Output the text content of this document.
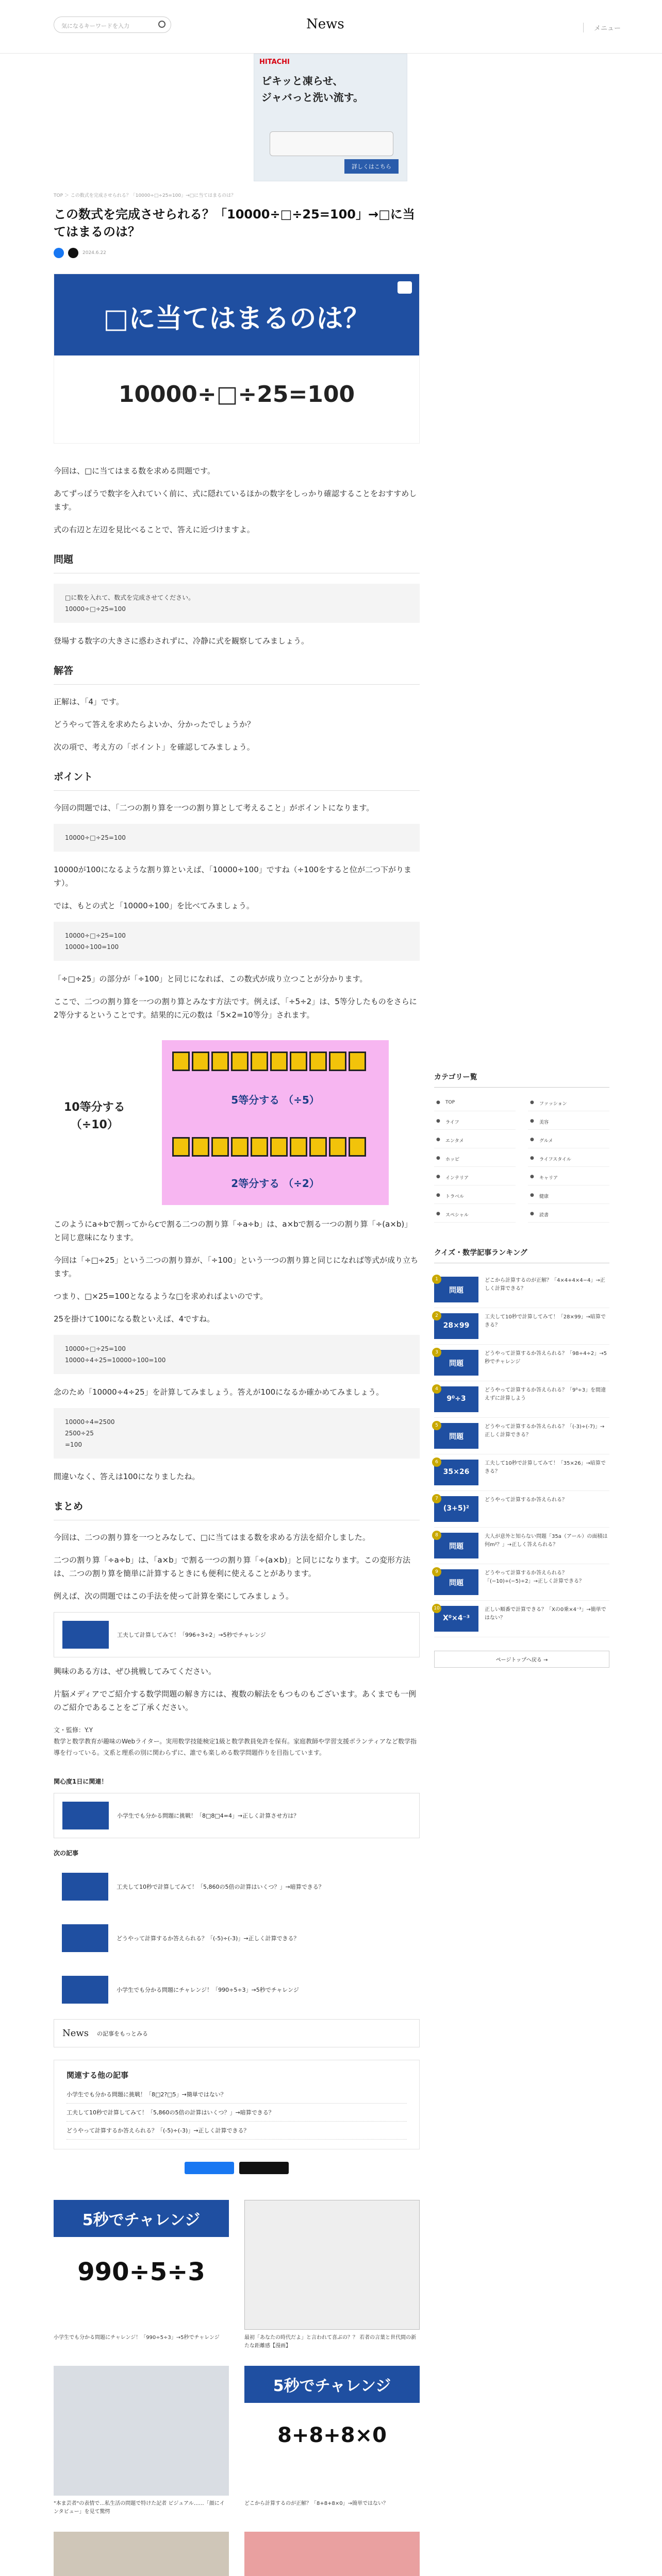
気になるキーワードを入力	News	メニュー
HITACHI
ピキッと凍らせ、
ジャバっと洗い流す。
詳しくはこちら
TOP ＞ この数式を完成させられる？「10000÷□÷25=100」→□に当てはまるのは？
この数式を完成させられる？「10000÷□÷25=100」→□に当てはまるのは？
2024.6.22
□に当てはまるのは？
10000÷□÷25=100

今回は、□に当てはまる数を求める問題です。

あてずっぽうで数字を入れていく前に、式に隠れているほかの数字をしっかり確認することをおすすめします。

式の右辺と左辺を見比べることで、答えに近づけますよ。

問題
□に数を入れて、数式を完成させてください。
10000÷□÷25=100

登場する数字の大きさに惑わされずに、冷静に式を観察してみましょう。

解答

正解は、「4」です。

どうやって答えを求めたらよいか、分かったでしょうか？

次の項で、考え方の「ポイント」を確認してみましょう。

ポイント

今回の問題では、「二つの割り算を一つの割り算として考えること」がポイントになります。

10000÷□÷25=100

10000が100になるような割り算といえば、「10000÷100」ですね（÷100をすると位が二つ下がります）。

では、もとの式と「10000÷100」を比べてみましょう。

10000÷□÷25=100
10000÷100=100

「÷□÷25」の部分が「÷100」と同じになれば、この数式が成り立つことが分かります。

ここで、二つの割り算を一つの割り算とみなす方法です。例えば、「÷5÷2」は、5等分したものをさらに2等分するということです。結果的に元の数は「5×2=10等分」されます。

10等分する
（÷10）
5等分する （÷5）
2等分する （÷2）

このようにa÷bで割ってからcで割る二つの割り算「÷a÷b」は、a×bで割る一つの割り算「÷(a×b)」と同じ意味になります。

今回は「÷□÷25」という二つの割り算が、「÷100」という一つの割り算と同じになれば等式が成り立ちます。

つまり、□×25=100となるような□を求めればよいのです。

25を掛けて100になる数といえば、4ですね。

10000÷□÷25=100
10000÷4÷25=10000÷100=100

念のため「10000÷4÷25」を計算してみましょう。答えが100になるか確かめてみましょう。

10000÷4=2500
2500÷25
=100

間違いなく、答えは100になりましたね。

まとめ

今回は、二つの割り算を一つとみなして、□に当てはまる数を求める方法を紹介しました。

二つの割り算「÷a÷b」は、「a×b」で割る一つの割り算「÷(a×b)」と同じになります。この変形方法は、二つの割り算を簡単に計算するときにも便利に使えることがあります。

例えば、次の問題ではこの手法を使って計算を楽にしてみましょう。

工夫して計算してみて！「996÷3÷2」→5秒でチャレンジ

興味のある方は、ぜひ挑戦してみてください。

片脳メディアでご紹介する数学問題の解き方には、複数の解法をもつものもございます。あくまでも一例のご紹介であることをご了承ください。

文・監修：Y.Y
数学と数学教育が趣味のWebライター。実用数学技能検定1級と数学教員免許を保有。家庭教師や学習支援ボランティアなど数学指導を行っている。文系と理系の別に関わらずに、誰でも楽しめる数学問題作りを目指しています。
関心度1日に関連！
小学生でも分かる問題に挑戦！「8□8□4=4」→正しく計算させ方は？
次の記事
工夫して10秒で計算してみて！「5,860の5倍の計算はいくつ？」→暗算できる？
どうやって計算するか答えられる？「(-5)÷(-3)」→正しく計算できる？
小学生でも分かる問題にチャレンジ！「990÷5÷3」→5秒でチャレンジ
News の記事をもっとみる
関連する他の記事
小学生でも分かる問題に挑戦！「8□2?□5」→簡単ではない？
工夫して10秒で計算してみて！「5,860の5倍の計算はいくつ？」→暗算できる？
どうやって計算するか答えられる？「(-5)÷(-3)」→正しく計算できる？
5秒でチャレンジ
990÷5÷3
小学生でも分かる問題にチャレンジ！「990÷5÷3」→5秒でチャレンジ	最初「あなたの時代だよ」と言われて喜ぶの？？ 若者の言葉と世代間の新たな距離感【漫画】
"本ま芸者"の表情で…私生活の問題で特けた記者 ビジュアル……「顔にインタビュー」を見て驚愕
5秒でチャレンジ
8+8+8×0
どこから計算するのが正解？「8+8+8×0」→簡単ではない？
カテゴリー覧
● TOP	● ファッション
● ライフ	● 美容
● エンタメ	● グルメ
● ホッピ	● ライフスタイル
● インテリア	● キャリア
● トラベル	● 健康
● スペシャル	● 読書
クイズ・数学記事ランキング
1
問題
どこから計算するのが正解？「4×4+4×4−4」→正しく計算できる？
2
28×99
工夫して10秒で計算してみて！「28×99」→暗算できる？
3
問題
どうやって計算するか答えられる？「98÷4÷2」→5秒でチャレンジ
4
9⁰÷3
どうやって計算するか答えられる？「9⁰÷3」を間違えずに計算しよう
5
問題
どうやって計算するか答えられる？「(-3)÷(-7)」→正しく計算できる？
6
35×26
工夫して10秒で計算してみて！「35×26」→暗算できる？
7
(3+5)²
どうやって計算するか答えられる？
8
問題
大人が意外と知らない問題「35a（アール）の面積は何m²？」→正しく答えられる？
9
問題
どうやって計算するか答えられる？「(−10)÷(−5)÷2」→正しく計算できる？
10
X⁰×4⁻³
正しい順番で計算できる？「Xの0乗×4⁻³」→簡単ではない？
ページトップへ戻る →
